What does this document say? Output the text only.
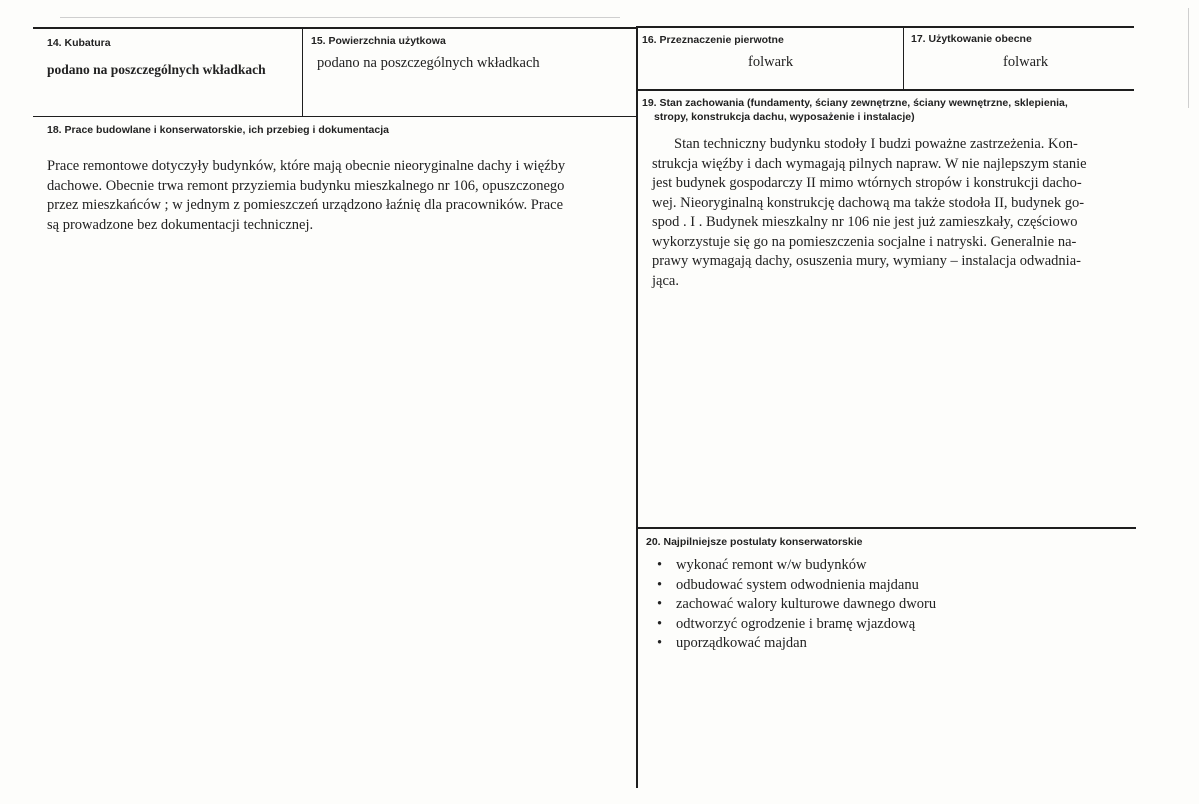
14. Kubatura
podano na poszczególnych wkładkach
15. Powierzchnia użytkowa
podano na poszczególnych wkładkach
16. Przeznaczenie pierwotne
folwark
17. Użytkowanie obecne
folwark
18. Prace budowlane i konserwatorskie, ich przebieg i dokumentacja
Prace remontowe dotyczyły budynków, które mają obecnie nieoryginalne dachy i więźby
dachowe. Obecnie trwa remont przyziemia budynku mieszkalnego nr 106, opuszczonego
przez mieszkańców ; w jednym z pomieszczeń urządzono łaźnię dla pracowników. Prace
są prowadzone bez dokumentacji technicznej.
19. Stan zachowania (fundamenty, ściany zewnętrzne, ściany wewnętrzne, sklepienia,
stropy, konstrukcja dachu, wyposażenie i instalacje)
Stan techniczny budynku stodoły I budzi poważne zastrzeżenia. Kon-
strukcja więźby i dach wymagają pilnych napraw. W nie najlepszym stanie
jest budynek gospodarczy II mimo wtórnych stropów i konstrukcji dacho-
wej. Nieoryginalną konstrukcję dachową ma także stodoła II, budynek go-
spod . I . Budynek mieszkalny nr 106 nie jest już zamieszkały, częściowo
wykorzystuje się go na pomieszczenia socjalne i natryski. Generalnie na-
prawy wymagają dachy, osuszenia mury, wymiany – instalacja odwadnia-
jąca.
20. Najpilniejsze postulaty konserwatorskie
• wykonać remont w/w budynków
• odbudować system odwodnienia majdanu
• zachować walory kulturowe dawnego dworu
• odtworzyć ogrodzenie i bramę wjazdową
• uporządkować majdan
